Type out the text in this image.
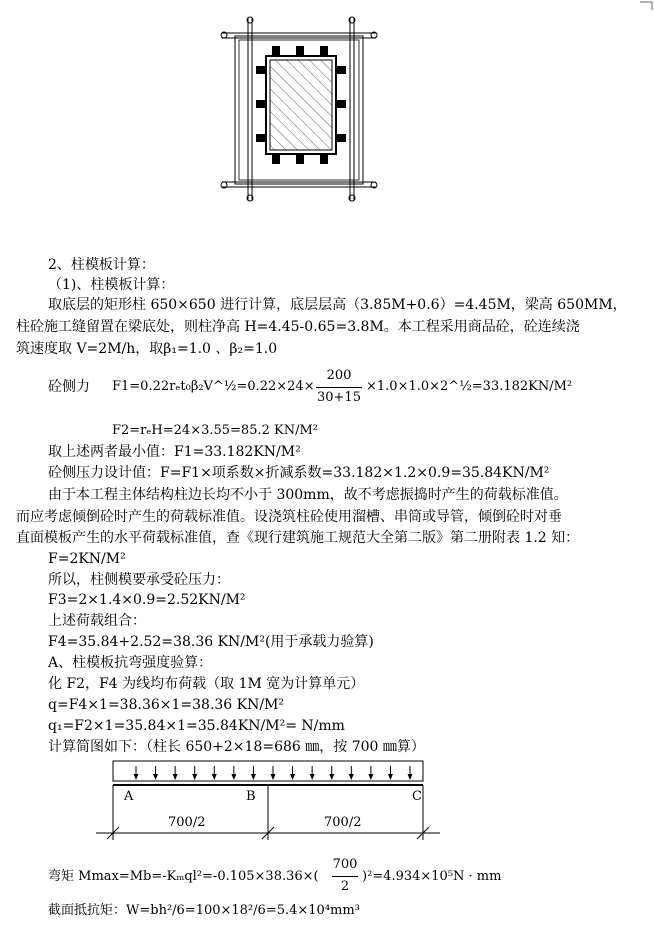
2、柱模板计算：
（1)、柱模板计算：
取底层的矩形柱 650×650 进行计算，底层层高（3.85M+0.6）=4.45M，梁高 650MM，
柱砼施工缝留置在梁底处，则柱净高 H=4.45-0.65=3.8M。本工程采用商品砼，砼连续浇
筑速度取 V=2M/h，取β₁=1.0 、β₂=1.0
砼侧力 F1=0.22rₑt₀β₂V^½=0.22×24×
200
30+15
×1.0×1.0×2^½=33.182KN/M²
F2=rₑH=24×3.55=85.2 KN/M²
取上述两者最小值：F1=33.182KN/M²
砼侧压力设计值：F=F1×项系数×折减系数=33.182×1.2×0.9=35.84KN/M²
由于本工程主体结构柱边长均不小于 300mm，故不考虑振捣时产生的荷载标准值。
而应考虑倾倒砼时产生的荷载标准值。设浇筑柱砼使用溜槽、串筒或导管，倾倒砼时对垂
直面模板产生的水平荷载标准值，查《现行建筑施工规范大全第二版》第二册附表 1.2 知：
F=2KN/M²
所以，柱侧模要承受砼压力：
F3=2×1.4×0.9=2.52KN/M²
上述荷载组合：
F4=35.84+2.52=38.36 KN/M²(用于承载力验算)
A、柱模板抗弯强度验算：
化 F2，F4 为线均布荷载（取 1M 宽为计算单元）
q=F4×1=38.36×1=38.36 KN/M²
q₁=F2×1=35.84×1=35.84KN/M²= N/mm
计算简图如下：（柱长 650+2×18=686 ㎜，按 700 ㎜算）
A	B	C
700/2	700/2
弯矩 Mmax=Mb=-Kₘql²=-0.105×38.36×(
700
2
)²=4.934×10⁵N · mm
截面抵抗矩：W=bh²/6=100×18²/6=5.4×10⁴mm³
